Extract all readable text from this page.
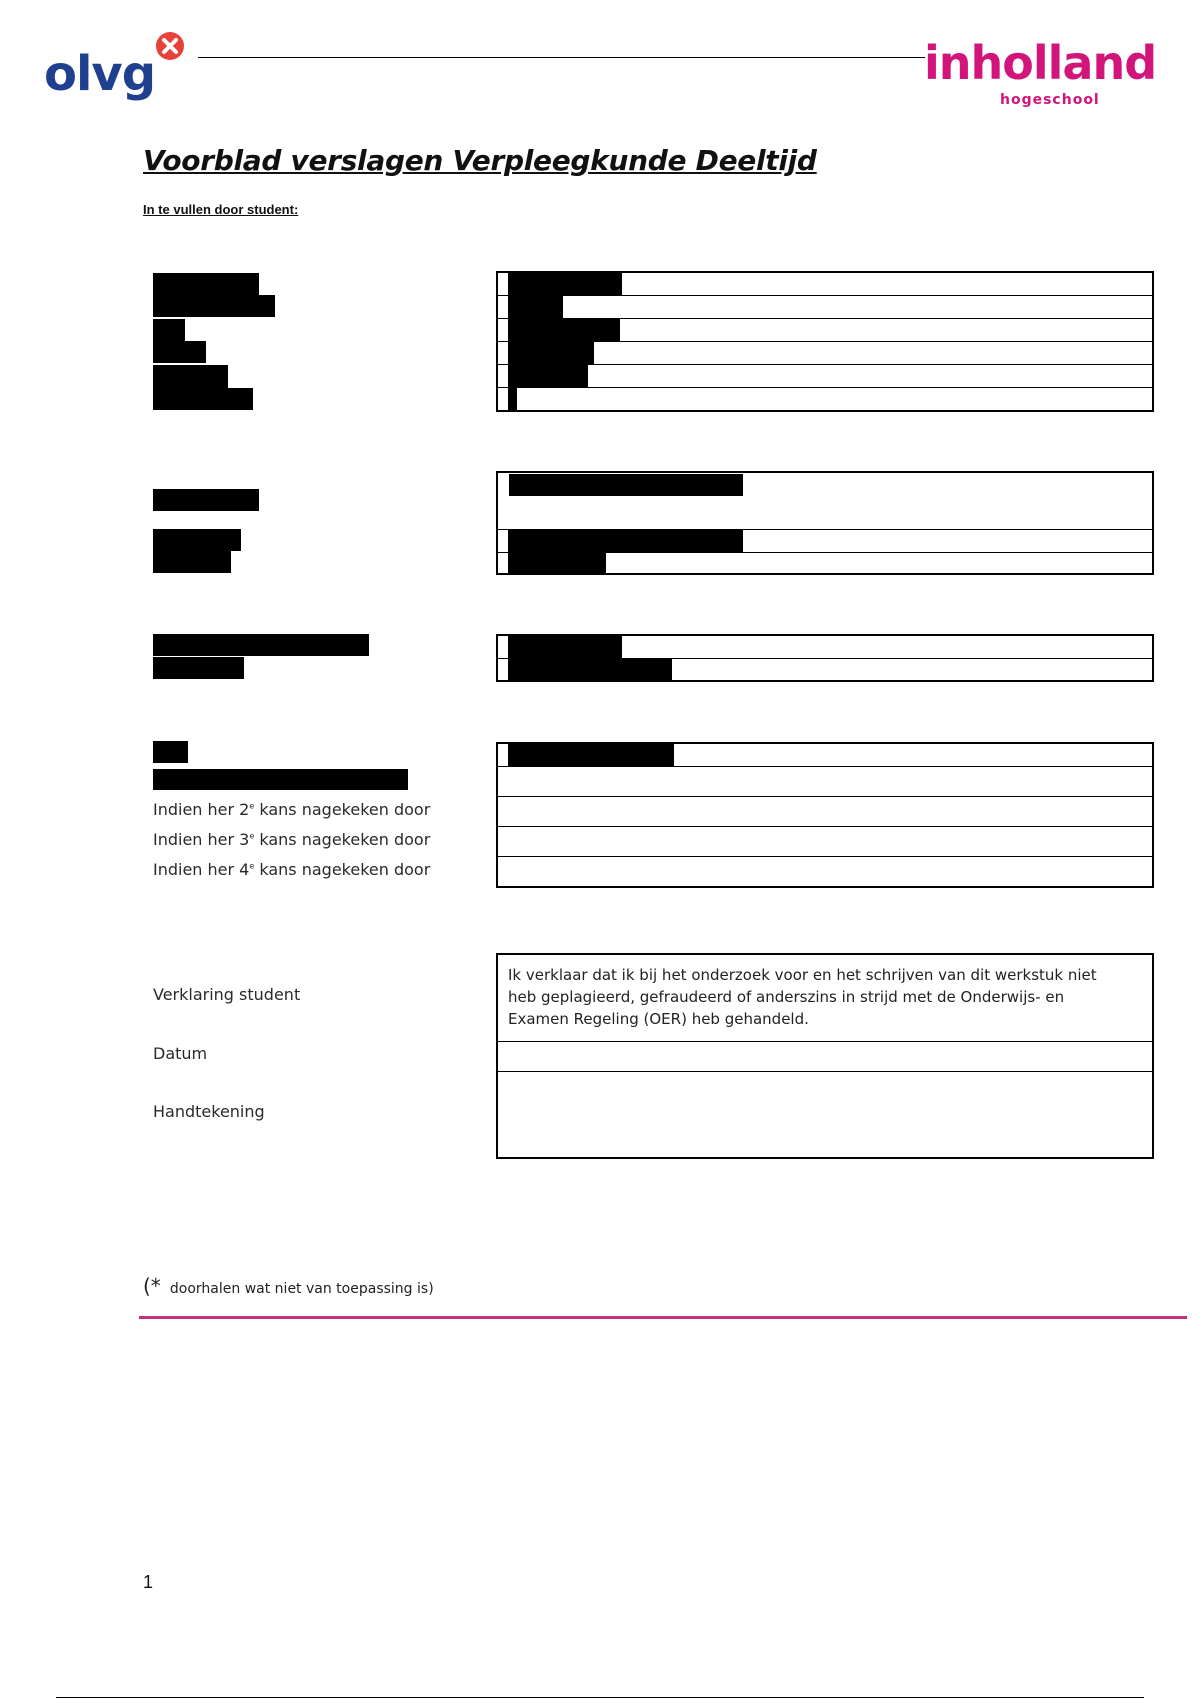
olvg	inholland
hogeschool
Voorblad verslagen Verpleegkunde Deeltijd
In te vullen door student:
Indien her 2e kans nagekeken door
Indien her 3e kans nagekeken door
Indien her 4e kans nagekeken door
Verklaring student
Datum
Handtekening
Ik verklaar dat ik bij het onderzoek voor en het schrijven van dit werkstuk niet heb geplagieerd, gefraudeerd of anderszins in strijd met de Onderwijs- en Examen Regeling (OER) heb gehandeld.
(* doorhalen wat niet van toepassing is)
1
